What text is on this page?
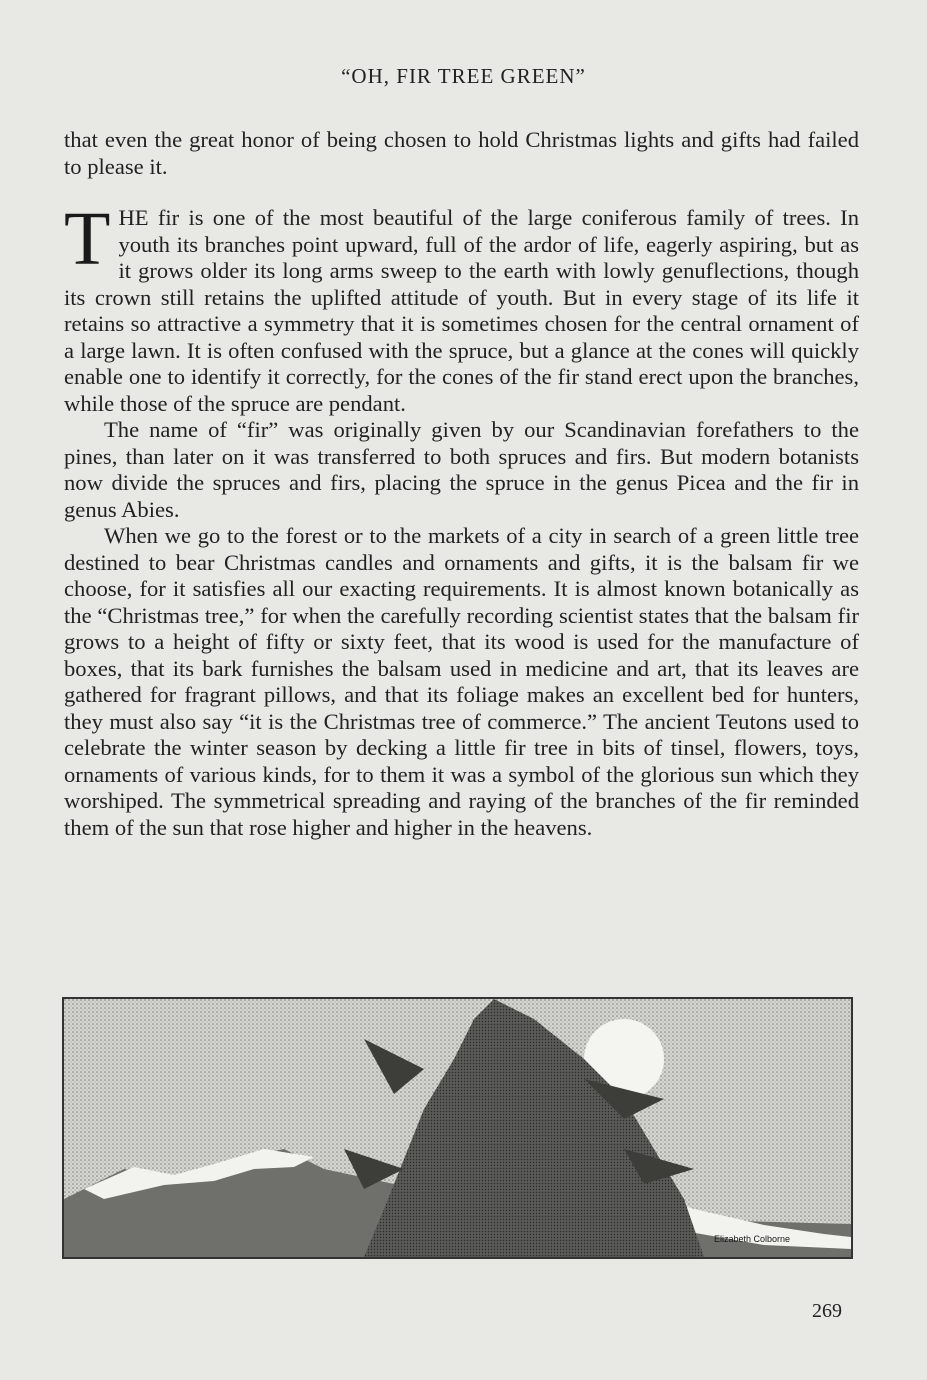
“OH, FIR TREE GREEN”

that even the great honor of being chosen to hold Christmas lights and gifts had failed to please it.

T HE fir is one of the most beautiful of the large coniferous family of trees. In youth its branches point upward, full of the ardor of life, eagerly aspiring, but as it grows older its long arms sweep to the earth with lowly genuflections, though its crown still retains the uplifted attitude of youth. But in every stage of its life it retains so attractive a symmetry that it is sometimes chosen for the central ornament of a large lawn. It is often confused with the spruce, but a glance at the cones will quickly enable one to identify it correctly, for the cones of the fir stand erect upon the branches, while those of the spruce are pendant.

The name of “fir” was originally given by our Scandinavian forefathers to the pines, than later on it was transferred to both spruces and firs. But modern botanists now divide the spruces and firs, placing the spruce in the genus Picea and the fir in genus Abies.

When we go to the forest or to the markets of a city in search of a green little tree destined to bear Christmas candles and ornaments and gifts, it is the balsam fir we choose, for it satisfies all our exacting requirements. It is almost known botanically as the “Christmas tree,” for when the carefully recording scientist states that the balsam fir grows to a height of fifty or sixty feet, that its wood is used for the manufacture of boxes, that its bark furnishes the balsam used in medicine and art, that its leaves are gathered for fragrant pillows, and that its foliage makes an excellent bed for hunters, they must also say “it is the Christmas tree of commerce.” The ancient Teutons used to celebrate the winter season by decking a little fir tree in bits of tinsel, flowers, toys, ornaments of various kinds, for to them it was a symbol of the glorious sun which they worshiped. The symmetrical spreading and raying of the branches of the fir reminded them of the sun that rose higher and higher in the heavens.

Elizabeth Colborne
269
